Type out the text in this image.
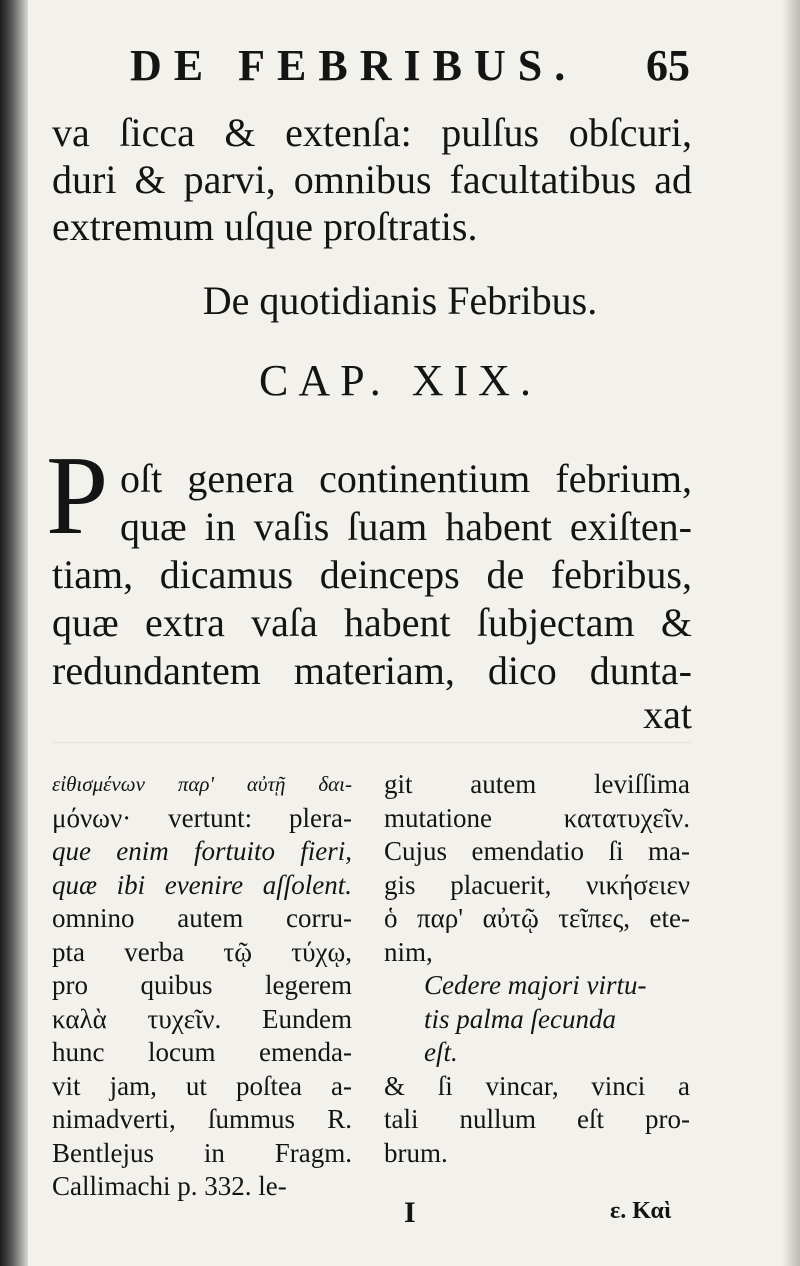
DE FEBRIBUS. 65
va ſicca & extenſa: pulſus obſcuri,
duri & parvi, omnibus facultatibus ad
extremum uſque proſtratis.
De quotidianis Febribus.
CAP. XIX.
P oſt genera continentium febrium,
quæ in vaſis ſuam habent exiſten-
tiam, dicamus deinceps de febribus,
quæ extra vaſa habent ſubjectam &
redundantem materiam, dico dunta-
xat
εἰθισμένων παρ' αὐτῇ δαι-
μόνων· vertunt: plera-
que enim fortuito fieri,
quæ ibi evenire aſſolent.
omnino autem corru-
pta verba τῷ τύχῳ,
pro quibus legerem
καλὰ τυχεῖν. Eundem
hunc locum emenda-
vit jam, ut poſtea a-
nimadverti, ſummus R.
Bentlejus in Fragm.
Callimachi p. 332. le-
git autem leviſſima
mutatione κατατυχεῖν.
Cujus emendatio ſi ma-
gis placuerit, νικήσειεν
ὁ παρ' αὐτῷ τεῖπες, ete-
nim,
Cedere majori virtu-
tis palma ſecunda
eſt.
& ſi vincar, vinci a
tali nullum eſt pro-
brum.
I	ε. Καὶ
